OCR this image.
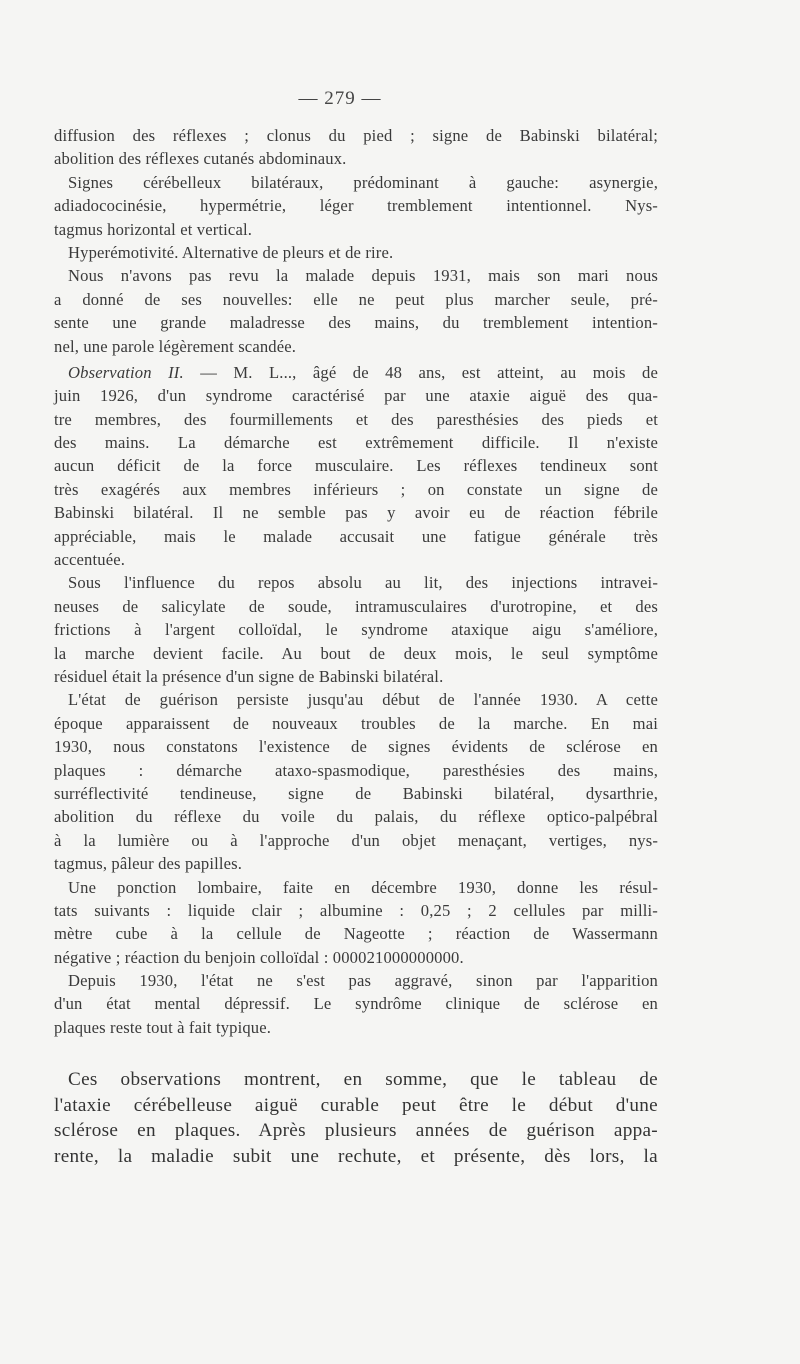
— 279 —
diffusion des réflexes ; clonus du pied ; signe de Babinski bilatéral;
abolition des réflexes cutanés abdominaux.
Signes cérébelleux bilatéraux, prédominant à gauche: asynergie,
adiadococinésie, hypermétrie, léger tremblement intentionnel. Nys-
tagmus horizontal et vertical.
Hyperémotivité. Alternative de pleurs et de rire.
Nous n'avons pas revu la malade depuis 1931, mais son mari nous
a donné de ses nouvelles: elle ne peut plus marcher seule, pré-
sente une grande maladresse des mains, du tremblement intention-
nel, une parole légèrement scandée.
Observation II. — M. L..., âgé de 48 ans, est atteint, au mois de
juin 1926, d'un syndrome caractérisé par une ataxie aiguë des qua-
tre membres, des fourmillements et des paresthésies des pieds et
des mains. La démarche est extrêmement difficile. Il n'existe
aucun déficit de la force musculaire. Les réflexes tendineux sont
très exagérés aux membres inférieurs ; on constate un signe de
Babinski bilatéral. Il ne semble pas y avoir eu de réaction fébrile
appréciable, mais le malade accusait une fatigue générale très
accentuée.
Sous l'influence du repos absolu au lit, des injections intravei-
neuses de salicylate de soude, intramusculaires d'urotropine, et des
frictions à l'argent colloïdal, le syndrome ataxique aigu s'améliore,
la marche devient facile. Au bout de deux mois, le seul symptôme
résiduel était la présence d'un signe de Babinski bilatéral.
L'état de guérison persiste jusqu'au début de l'année 1930. A cette
époque apparaissent de nouveaux troubles de la marche. En mai
1930, nous constatons l'existence de signes évidents de sclérose en
plaques : démarche ataxo-spasmodique, paresthésies des mains,
surréflectivité tendineuse, signe de Babinski bilatéral, dysarthrie,
abolition du réflexe du voile du palais, du réflexe optico-palpébral
à la lumière ou à l'approche d'un objet menaçant, vertiges, nys-
tagmus, pâleur des papilles.
Une ponction lombaire, faite en décembre 1930, donne les résul-
tats suivants : liquide clair ; albumine : 0,25 ; 2 cellules par milli-
mètre cube à la cellule de Nageotte ; réaction de Wassermann
négative ; réaction du benjoin colloïdal : 000021000000000.
Depuis 1930, l'état ne s'est pas aggravé, sinon par l'apparition
d'un état mental dépressif. Le syndrôme clinique de sclérose en
plaques reste tout à fait typique.
Ces observations montrent, en somme, que le tableau de
l'ataxie cérébelleuse aiguë curable peut être le début d'une
sclérose en plaques. Après plusieurs années de guérison appa-
rente, la maladie subit une rechute, et présente, dès lors, la
